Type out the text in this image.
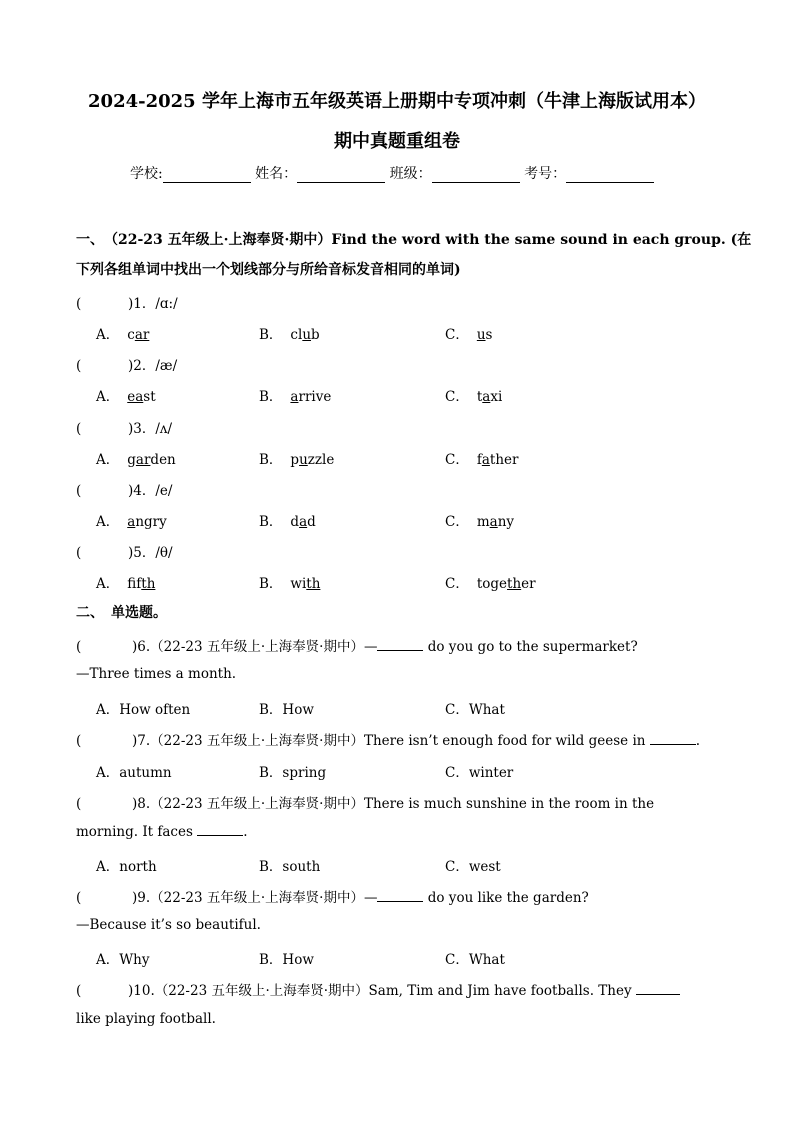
2024-2025 学年上海市五年级英语上册期中专项冲刺（牛津上海版试用本）
期中真题重组卷
学校:	姓名：	班级：	考号：
一、　（22-23 五年级上·上海奉贤·期中）Find the word with the same sound in each group. (在
下列各组单词中找出一个划线部分与所给音标发音相同的单词)
(	)1．/ɑ:/
A． car	B． club	C． us
(	)2．/æ/
A． east	B． arrive	C． taxi
(	)3．/ʌ/
A． garden	B． puzzle	C． father
(	)4．/e/
A． angry	B． dad	C． many
(	)5．/θ/
A． fifth	B． with	C． together
二、　单选题。
(	)6.（22-23 五年级上·上海奉贤·期中）—	do you go to the supermarket?
—Three times a month.
A．How often	B．How	C．What
(	)7.（22-23 五年级上·上海奉贤·期中）There isn’t enough food for wild geese in	.
A．autumn	B．spring	C．winter
(	)8.（22-23 五年级上·上海奉贤·期中）There is much sunshine in the room in the
morning. It faces	.
A．north	B．south	C．west
(	)9.（22-23 五年级上·上海奉贤·期中）—	do you like the garden?
—Because it’s so beautiful.
A．Why	B．How	C．What
(	)10.（22-23 五年级上·上海奉贤·期中）Sam, Tim and Jim have footballs. They
like playing football.
